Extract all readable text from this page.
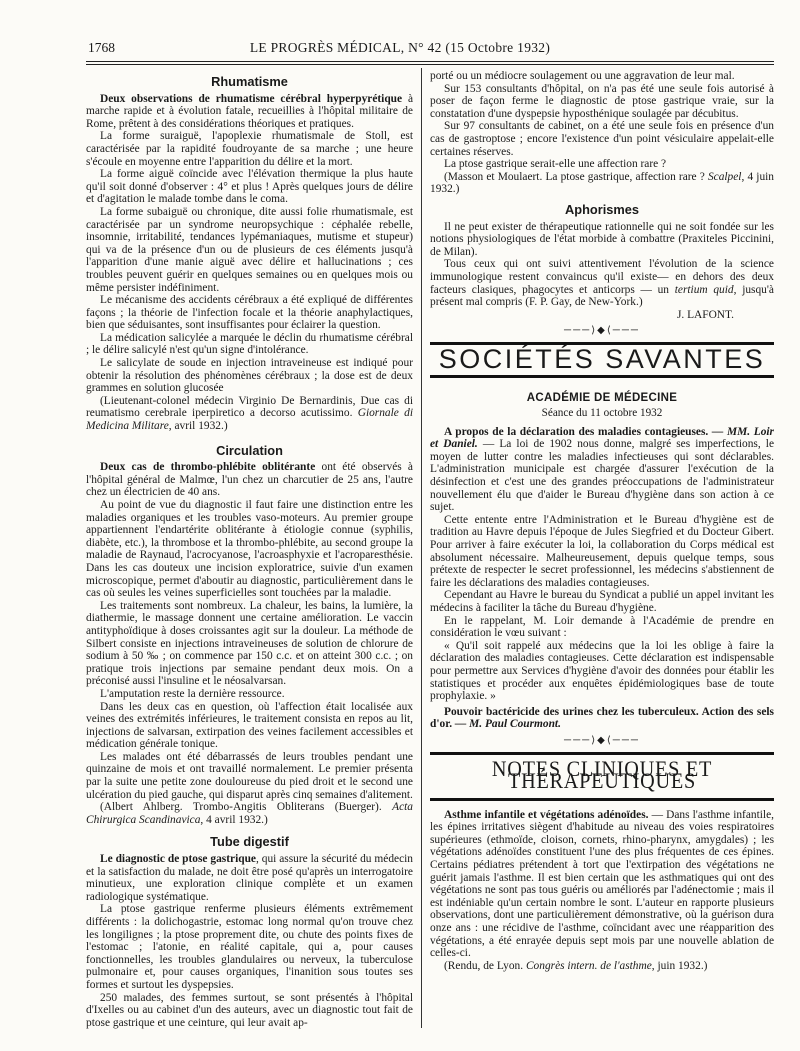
1768	LE PROGRÈS MÉDICAL, N° 42 (15 Octobre 1932)
Rhumatisme

Deux observations de rhumatisme cérébral hyperpyrétique à marche rapide et à évolution fatale, recueillies à l'hôpital militaire de Rome, prêtent à des considérations théoriques et pratiques.

La forme suraiguë, l'apoplexie rhumatismale de Stoll, est caractérisée par la rapidité foudroyante de sa marche ; une heure s'écoule en moyenne entre l'apparition du délire et la mort.

La forme aiguë coïncide avec l'élévation thermique la plus haute qu'il soit donné d'observer : 4° et plus ! Après quelques jours de délire et d'agitation le malade tombe dans le coma.

La forme subaiguë ou chronique, dite aussi folie rhumatismale, est caractérisée par un syndrome neuropsychique : céphalée rebelle, insomnie, irritabilité, tendances lypémaniaques, mutisme et stupeur) qui va de la présence d'un ou de plusieurs de ces éléments jusqu'à l'apparition d'une manie aiguë avec délire et hallucinations ; ces troubles peuvent guérir en quelques semaines ou en quelques mois ou même persister indéfiniment.

Le mécanisme des accidents cérébraux a été expliqué de différentes façons ; la théorie de l'infection focale et la théorie anaphylactiques, bien que séduisantes, sont insuffisantes pour éclairer la question.

La médication salicylée a marquée le déclin du rhumatisme cérébral ; le délire salicylé n'est qu'un signe d'intolérance.

Le salicylate de soude en injection intraveineuse est indiqué pour obtenir la résolution des phénomènes cérébraux ; la dose est de deux grammes en solution glucosée

(Lieutenant-colonel médecin Virginio De Bernardinis, Due cas di reumatismo cerebrale iperpiretico a decorso acutissimo. Giornale di Medicina Militare, avril 1932.)

Circulation

Deux cas de thrombo-phlébite oblitérante ont été observés à l'hôpital général de Malmœ, l'un chez un charcutier de 25 ans, l'autre chez un électricien de 40 ans.

Au point de vue du diagnostic il faut faire une distinction entre les maladies organiques et les troubles vaso-moteurs. Au premier groupe appartiennent l'endartérite oblitérante à étiologie connue (syphilis, diabète, etc.), la thrombose et la thrombo-phlébite, au second groupe la maladie de Raynaud, l'acrocyanose, l'acroasphyxie et l'acroparesthésie. Dans les cas douteux une incision exploratrice, suivie d'un examen microscopique, permet d'aboutir au diagnostic, particulièrement dans le cas où seules les veines superficielles sont touchées par la maladie.

Les traitements sont nombreux. La chaleur, les bains, la lumière, la diathermie, le massage donnent une certaine amélioration. Le vaccin antityphoïdique à doses croissantes agit sur la douleur. La méthode de Silbert consiste en injections intraveineuses de solution de chlorure de sodium à 50 ‰ ; on commence par 150 c.c. et on atteint 300 c.c. ; on pratique trois injections par semaine pendant deux mois. On a préconisé aussi l'insuline et le néosalvarsan.

L'amputation reste la dernière ressource.

Dans les deux cas en question, où l'affection était localisée aux veines des extrémités inférieures, le traitement consista en repos au lit, injections de salvarsan, extirpation des veines facilement accessibles et médication générale tonique.

Les malades ont été débarrassés de leurs troubles pendant une quinzaine de mois et ont travaillé normalement. Le premier présenta par la suite une petite zone douloureuse du pied droit et le second une ulcération du pied gauche, qui disparut après cinq semaines d'alitement.

(Albert Ahlberg. Trombo-Angitis Obliterans (Buerger). Acta Chirurgica Scandinavica, 4 avril 1932.)

Tube digestif

Le diagnostic de ptose gastrique, qui assure la sécurité du médecin et la satisfaction du malade, ne doit être posé qu'après un interrogatoire minutieux, une exploration clinique complète et un examen radiologique systématique.

La ptose gastrique renferme plusieurs éléments extrêmement différents : la dolichogastrie, estomac long normal qu'on trouve chez les longilignes ; la ptose proprement dite, ou chute des points fixes de l'estomac ; l'atonie, en réalité capitale, qui a, pour causes fonctionnelles, les troubles glandulaires ou nerveux, la tuberculose pulmonaire et, pour causes organiques, l'inanition sous toutes ses formes et surtout les dyspepsies.

250 malades, des femmes surtout, se sont présentés à l'hôpital d'Ixelles ou au cabinet d'un des auteurs, avec un diagnostic tout fait de ptose gastrique et une ceinture, qui leur avait ap-

porté ou un médiocre soulagement ou une aggravation de leur mal.

Sur 153 consultants d'hôpital, on n'a pas été une seule fois autorisé à poser de façon ferme le diagnostic de ptose gastrique vraie, sur la constatation d'une dyspepsie hyposthénique soulagée par décubitus.

Sur 97 consultants de cabinet, on a été une seule fois en présence d'un cas de gastroptose ; encore l'existence d'un point vésiculaire appelait-elle certaines réserves.

La ptose gastrique serait-elle une affection rare ?

(Masson et Moulaert. La ptose gastrique, affection rare ? Scalpel, 4 juin 1932.)

Aphorismes

Il ne peut exister de thérapeutique rationnelle qui ne soit fondée sur les notions physiologiques de l'état morbide à combattre (Praxiteles Piccinini, de Milan).

Tous ceux qui ont suivi attentivement l'évolution de la science immunologique restent convaincus qu'il existe— en dehors des deux facteurs clasiques, phagocytes et anticorps — un tertium quid, jusqu'à présent mal compris (F. P. Gay, de New-York.)

J. LAFONT.

───⟩◆⟨───
SOCIÉTÉS SAVANTES
ACADÉMIE DE MÉDECINE
Séance du 11 octobre 1932

A propos de la déclaration des maladies contagieuses. — MM. Loir et Daniel. — La loi de 1902 nous donne, malgré ses imperfections, le moyen de lutter contre les maladies infectieuses qui sont déclarables. L'administration municipale est chargée d'assurer l'exécution de la désinfection et c'est une des grandes préoccupations de l'administrateur nouvellement élu que d'aider le Bureau d'hygiène dans son action à ce sujet.

Cette entente entre l'Administration et le Bureau d'hygiène est de tradition au Havre depuis l'époque de Jules Siegfried et du Docteur Gibert. Pour arriver à faire exécuter la loi, la collaboration du Corps médical est absolument nécessaire. Malheureusement, depuis quelque temps, sous prétexte de respecter le secret professionnel, les médecins s'abstiennent de faire les déclarations des maladies contagieuses.

Cependant au Havre le bureau du Syndicat a publié un appel invitant les médecins à faciliter la tâche du Bureau d'hygiène.

En le rappelant, M. Loir demande à l'Académie de prendre en considération le vœu suivant :

« Qu'il soit rappelé aux médecins que la loi les oblige à faire la déclaration des maladies contagieuses. Cette déclaration est indispensable pour permettre aux Services d'hygiène d'avoir des données pour établir les statistiques et procéder aux enquêtes épidémiologiques base de toute prophylaxie. »

Pouvoir bactéricide des urines chez les tuberculeux. Action des sels d'or. — M. Paul Courmont.

───⟩◆⟨───
NOTES CLINIQUES ET THÉRAPEUTIQUES

Asthme infantile et végétations adénoïdes. — Dans l'asthme infantile, les épines irritatives siègent d'habitude au niveau des voies respiratoires supérieures (ethmoïde, cloison, cornets, rhino-pharynx, amygdales) ; les végétations adénoïdes constituent l'une des plus fréquentes de ces épines. Certains pédiatres prétendent à tort que l'extirpation des végétations ne guérit jamais l'asthme. Il est bien certain que les asthmatiques qui ont des végétations ne sont pas tous guéris ou améliorés par l'adénectomie ; mais il est indéniable qu'un certain nombre le sont. L'auteur en rapporte plusieurs observations, dont une particulièrement démonstrative, où la guérison dura onze ans : une récidive de l'asthme, coïncidant avec une réapparition des végétations, a été enrayée depuis sept mois par une nouvelle ablation de celles-ci.

(Rendu, de Lyon. Congrès intern. de l'asthme, juin 1932.)
